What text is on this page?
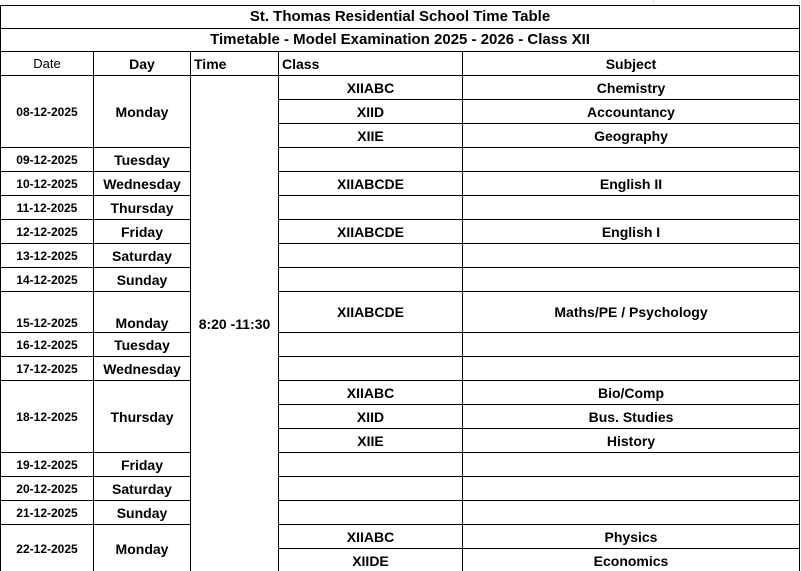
St. Thomas Residential School Time Table				
Timetable - Model Examination 2025 - 2026 - Class XII				
Date	Day	Time	Class	Subject
08-12-2025	Monday	8:20 -11:30	XIIABC	Chemistry
			XIID	Accountancy
			XIIE	Geography
09-12-2025	Tuesday			
10-12-2025	Wednesday		XIIABCDE	English II
11-12-2025	Thursday			
12-12-2025	Friday		XIIABCDE	English I
13-12-2025	Saturday			
14-12-2025	Sunday			
15-12-2025	Monday		XIIABCDE	Maths/PE / Psychology
16-12-2025	Tuesday			
17-12-2025	Wednesday			
18-12-2025	Thursday		XIIABC	Bio/Comp
			XIID	Bus. Studies
			XIIE	History
19-12-2025	Friday			
20-12-2025	Saturday			
21-12-2025	Sunday			
22-12-2025	Monday		XIIABC	Physics
			XIIDE	Economics
